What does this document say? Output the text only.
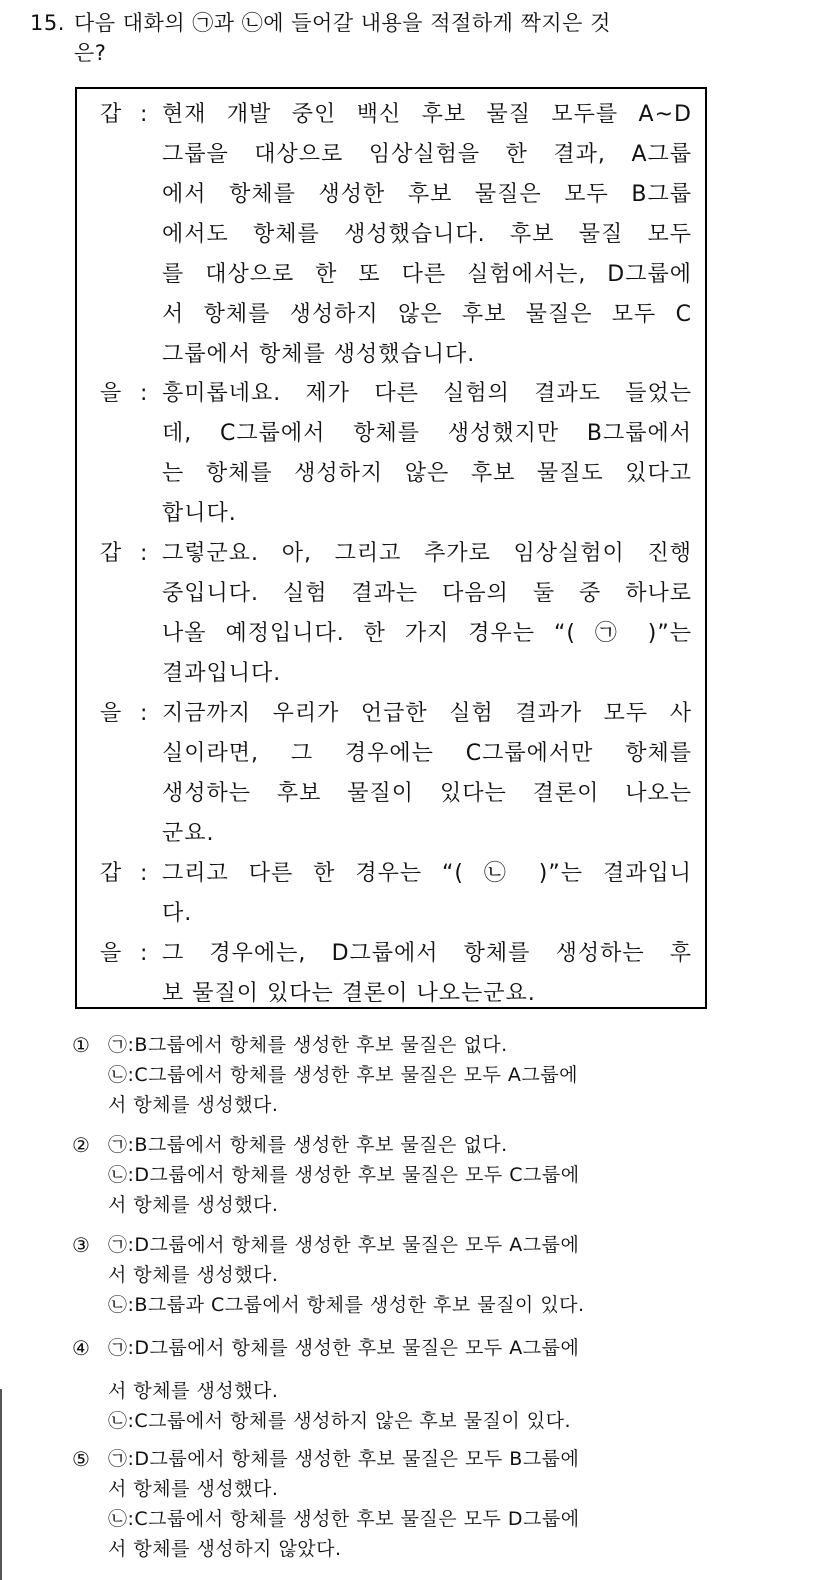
15. 다음 대화의 ㉠과 ㉡에 들어갈 내용을 적절하게 짝지은 것
은?
갑 : 현재 개발 중인 백신 후보 물질 모두를 A~D
그룹을 대상으로 임상실험을 한 결과, A그룹
에서 항체를 생성한 후보 물질은 모두 B그룹
에서도 항체를 생성했습니다. 후보 물질 모두
를 대상으로 한 또 다른 실험에서는, D그룹에
서 항체를 생성하지 않은 후보 물질은 모두 C
그룹에서 항체를 생성했습니다.
을 : 흥미롭네요. 제가 다른 실험의 결과도 들었는
데, C그룹에서 항체를 생성했지만 B그룹에서
는 항체를 생성하지 않은 후보 물질도 있다고
합니다.
갑 : 그렇군요. 아, 그리고 추가로 임상실험이 진행
중입니다. 실험 결과는 다음의 둘 중 하나로
나올 예정입니다. 한 가지 경우는 “( ㉠ )”는
결과입니다.
을 : 지금까지 우리가 언급한 실험 결과가 모두 사
실이라면, 그 경우에는 C그룹에서만 항체를
생성하는 후보 물질이 있다는 결론이 나오는
군요.
갑 : 그리고 다른 한 경우는 “( ㉡ )”는 결과입니
다.
을 : 그 경우에는, D그룹에서 항체를 생성하는 후
보 물질이 있다는 결론이 나오는군요.
① ㉠:B그룹에서 항체를 생성한 후보 물질은 없다.
㉡:C그룹에서 항체를 생성한 후보 물질은 모두 A그룹에
서 항체를 생성했다.
② ㉠:B그룹에서 항체를 생성한 후보 물질은 없다.
㉡:D그룹에서 항체를 생성한 후보 물질은 모두 C그룹에
서 항체를 생성했다.
③ ㉠:D그룹에서 항체를 생성한 후보 물질은 모두 A그룹에
서 항체를 생성했다.
㉡:B그룹과 C그룹에서 항체를 생성한 후보 물질이 있다.
④ ㉠:D그룹에서 항체를 생성한 후보 물질은 모두 A그룹에
서 항체를 생성했다.
㉡:C그룹에서 항체를 생성하지 않은 후보 물질이 있다.
⑤ ㉠:D그룹에서 항체를 생성한 후보 물질은 모두 B그룹에
서 항체를 생성했다.
㉡:C그룹에서 항체를 생성한 후보 물질은 모두 D그룹에
서 항체를 생성하지 않았다.
